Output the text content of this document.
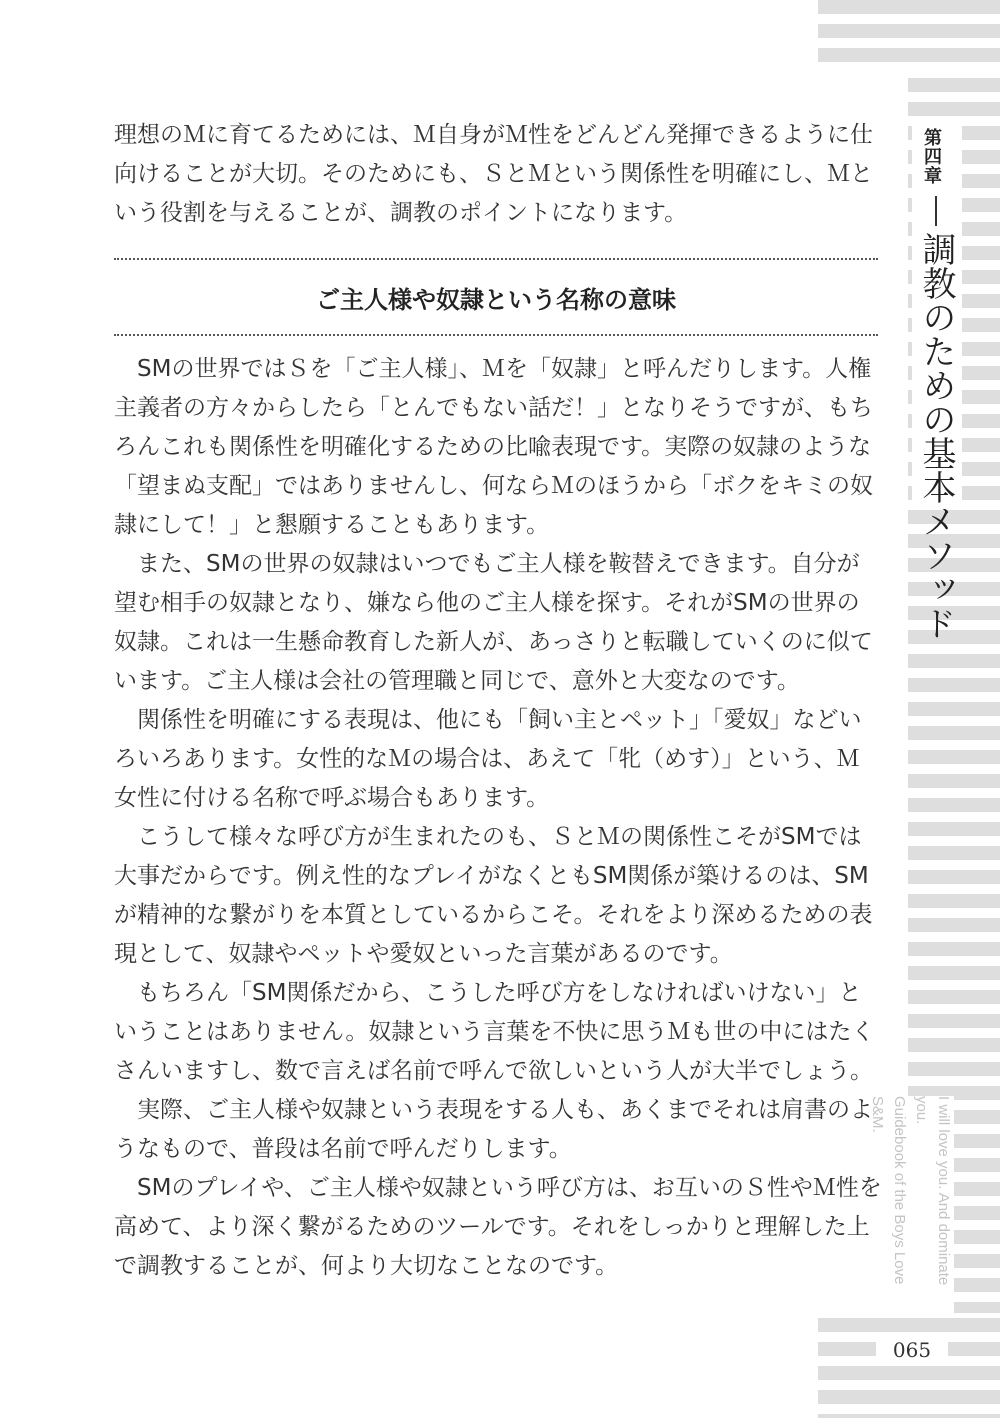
第四章
調教のための基本メソッド
I will love you. And dominate you.
Guidebook of the Boys Love S&M.
065

理想のＭに育てるためには、Ｍ自身がＭ性をどんどん発揮できるように仕向けることが大切。そのためにも、ＳとＭという関係性を明確にし、Ｍという役割を与えることが、調教のポイントになります。

ご主人様や奴隷という名称の意味

SMの世界ではＳを「ご主人様」、Ｍを「奴隷」と呼んだりします。人権主義者の方々からしたら「とんでもない話だ！」となりそうですが、もちろんこれも関係性を明確化するための比喩表現です。実際の奴隷のような「望まぬ支配」ではありませんし、何ならＭのほうから「ボクをキミの奴隷にして！」と懇願することもあります。

また、SMの世界の奴隷はいつでもご主人様を鞍替えできます。自分が望む相手の奴隷となり、嫌なら他のご主人様を探す。それがSMの世界の奴隷。これは一生懸命教育した新人が、あっさりと転職していくのに似ています。ご主人様は会社の管理職と同じで、意外と大変なのです。

関係性を明確にする表現は、他にも「飼い主とペット」「愛奴」などいろいろあります。女性的なＭの場合は、あえて「牝（めす）」という、Ｍ女性に付ける名称で呼ぶ場合もあります。

こうして様々な呼び方が生まれたのも、ＳとＭの関係性こそがSMでは大事だからです。例え性的なプレイがなくともSM関係が築けるのは、SMが精神的な繋がりを本質としているからこそ。それをより深めるための表現として、奴隷やペットや愛奴といった言葉があるのです。

もちろん「SM関係だから、こうした呼び方をしなければいけない」ということはありません。奴隷という言葉を不快に思うＭも世の中にはたくさんいますし、数で言えば名前で呼んで欲しいという人が大半でしょう。

実際、ご主人様や奴隷という表現をする人も、あくまでそれは肩書のようなもので、普段は名前で呼んだりします。

SMのプレイや、ご主人様や奴隷という呼び方は、お互いのＳ性やＭ性を高めて、より深く繋がるためのツールです。それをしっかりと理解した上で調教することが、何より大切なことなのです。
